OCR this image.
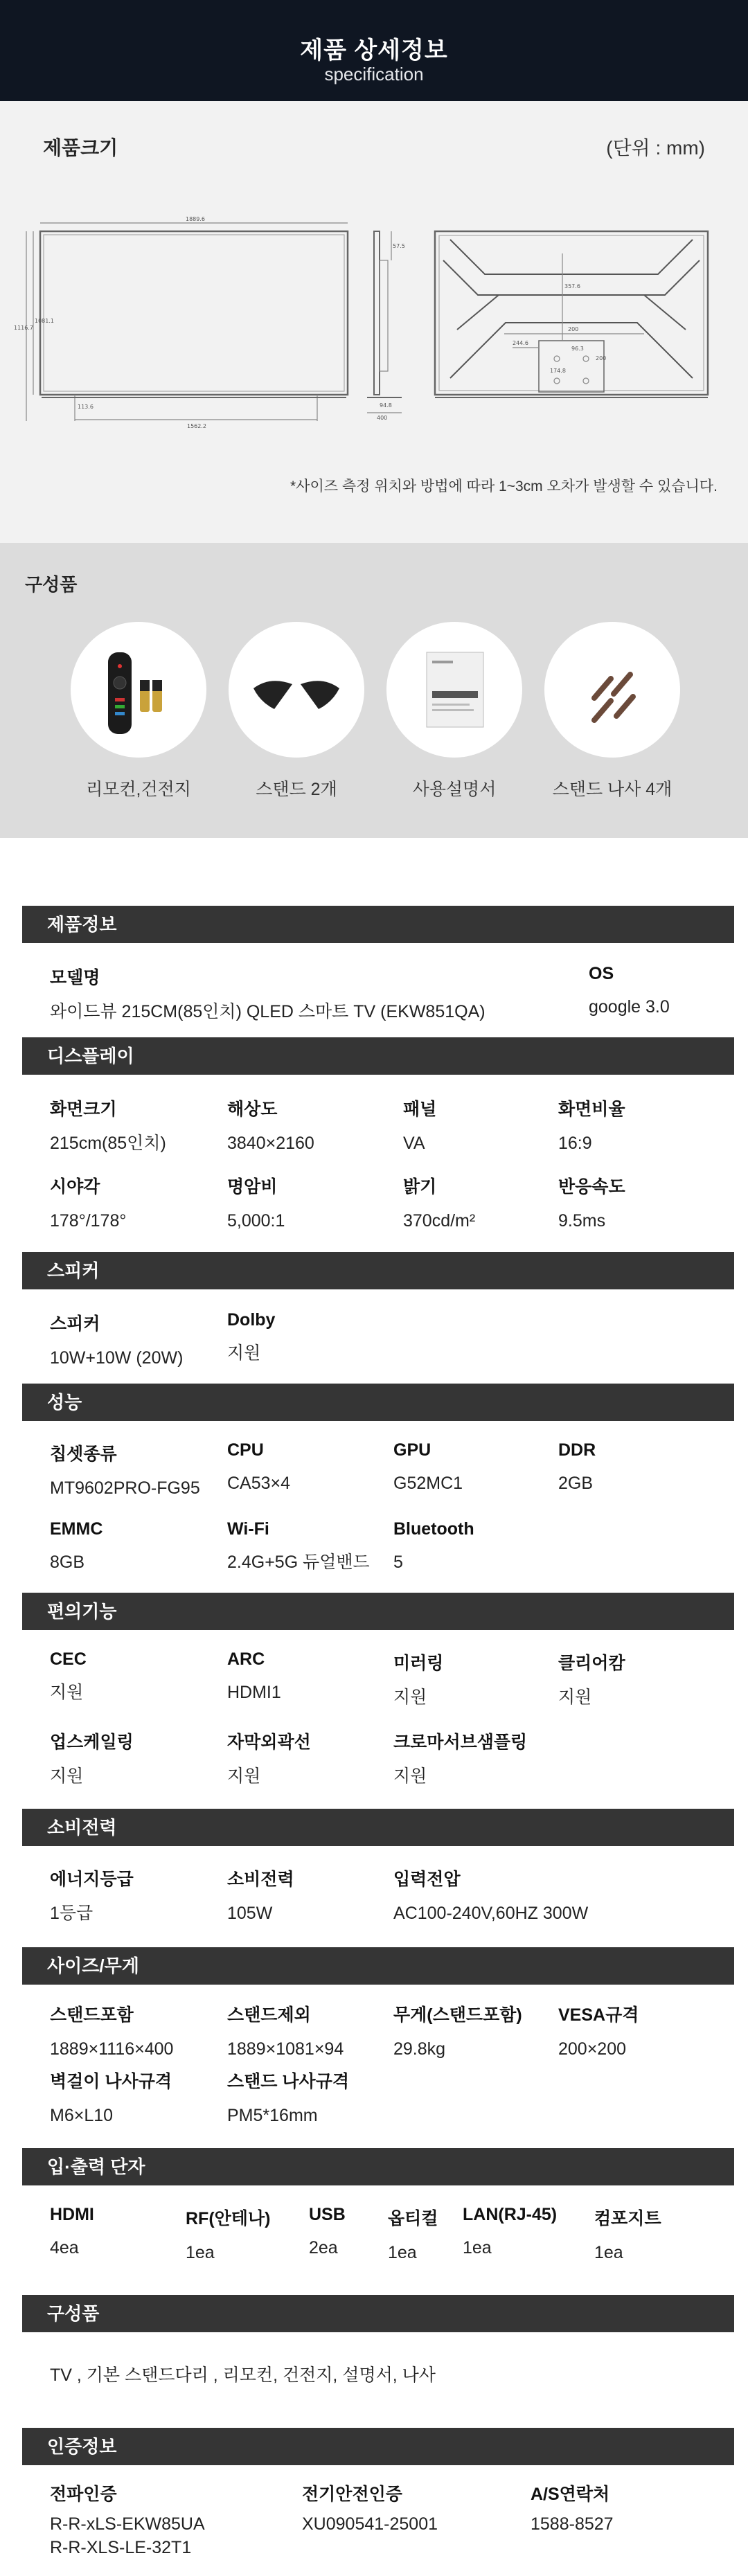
제품 상세정보
specification
제품크기	(단위 : mm)
1889.6
1116.7
1081.1
57.5
1562.2
113.6
400
94.8
200
200
96.3
244.6
174.8
357.6
*사이즈 측정 위치와 방법에 따라 1~3cm 오차가 발생할 수 있습니다.
구성품
리모컨,건전지	스탠드 2개	사용설명서	스탠드 나사 4개
제품정보
모델명
와이드뷰 215CM(85인치) QLED 스마트 TV (EKW851QA)
OS
google 3.0
디스플레이
화면크기
215cm(85인치)
해상도
3840×2160
패널
VA
화면비율
16:9
시야각
178°/178°
명암비
5,000:1
밝기
370cd/m²
반응속도
9.5ms
스피커
스피커
10W+10W (20W)
Dolby
지원
성능
칩셋종류
MT9602PRO-FG95
CPU
CA53×4
GPU
G52MC1
DDR
2GB
EMMC
8GB
Wi-Fi
2.4G+5G 듀얼밴드
Bluetooth
5
편의기능
CEC
지원
ARC
HDMI1
미러링
지원
클리어캄
지원
업스케일링
지원
자막외곽선
지원
크로마서브샘플링
지원
소비전력
에너지등급
1등급
소비전력
105W
입력전압
AC100-240V,60HZ 300W
사이즈/무게
스탠드포함
1889×1116×400
스탠드제외
1889×1081×94
무게(스탠드포함)
29.8kg
VESA규격
200×200
벽걸이 나사규격
M6×L10
스탠드 나사규격
PM5*16mm
입·출력 단자
HDMI
4ea
RF(안테나)
1ea
USB
2ea
옵티컬
1ea
LAN(RJ-45)
1ea
컴포지트
1ea
구성품
TV , 기본 스탠드다리 , 리모컨, 건전지, 설명서, 나사
인증정보
전파인증
R-R-xLS-EKW85UA
R-R-XLS-LE-32T1
전기안전인증
XU090541-25001
A/S연락처
1588-8527
